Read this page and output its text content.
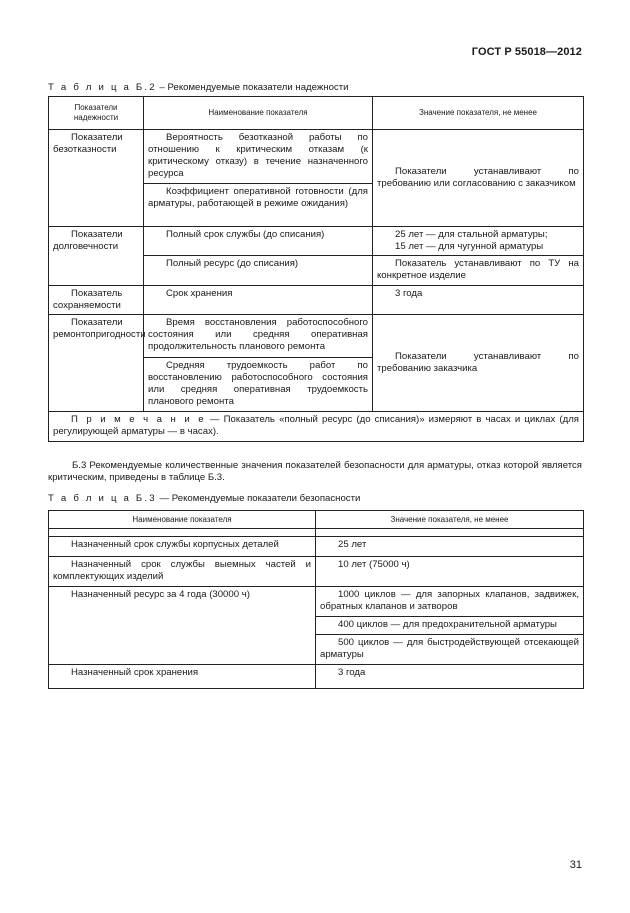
ГОСТ Р 55018—2012
Т а б л и ц а Б.2 – Рекомендуемые показатели надежности
Показатели надежности	Наименование показателя	Значение показателя, не менее
Показатели безотказности	Вероятность безотказной работы по отношению к критическим отказам (к критическому отказу) в течение назначенного ресурса	Показатели устанавливают по требованию или согласованию с заказчиком
	Коэффициент оперативной готовности (для арматуры, работающей в режиме ожидания)	
Показатели долговечности	Полный срок службы (до списания)	25 лет — для стальной арматуры;
15 лет — для чугунной арматуры

	Полный ресурс (до списания)	Показатель устанавливают по ТУ на конкретное изделие
Показатель сохраняемости	Срок хранения	3 года
Показатели ремонтопригодности	Время восстановления работоспособного состояния или средняя оперативная продолжительность планового ремонта	Показатели устанавливают по требованию заказчика
	Средняя трудоемкость работ по восстановлению работоспособного состояния или средняя оперативная трудоемкость планового ремонта	
П р и м е ч а н и е — Показатель «полный ресурс (до списания)» измеряют в часах и циклах (для регулирующей арматуры — в часах).		
Б.3 Рекомендуемые количественные значения показателей безопасности для арматуры, отказ которой является критическим, приведены в таблице Б.3.
Т а б л и ц а Б.3 — Рекомендуемые показатели безопасности
Наименование показателя	Значение показателя, не менее

Назначенный срок службы корпусных деталей	25 лет
Назначенный срок службы выемных частей и комплектующих изделий	10 лет (75000 ч)
Назначенный ресурс за 4 года (30000 ч)	1000 циклов — для запорных клапанов, задвижек, обратных клапанов и затворов
	400 циклов — для предохранительной арматуры
	500 циклов — для быстродействующей отсекающей арматуры
Назначенный срок хранения	3 года
31
